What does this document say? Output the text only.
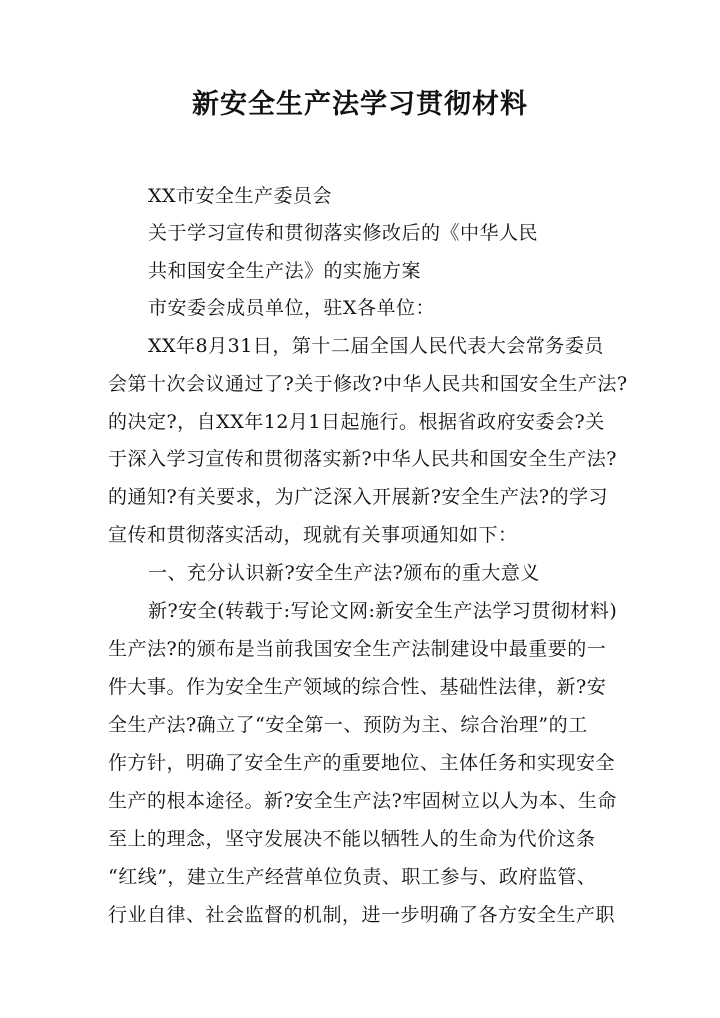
新安全生产法学习贯彻材料
XX市安全生产委员会
关于学习宣传和贯彻落实修改后的《中华人民
共和国安全生产法》的实施方案
市安委会成员单位，驻X各单位：
XX年8月31日，第十二届全国人民代表大会常务委员
会第十次会议通过了?关于修改?中华人民共和国安全生产法?
的决定?，自XX年12月1日起施行。根据省政府安委会?关
于深入学习宣传和贯彻落实新?中华人民共和国安全生产法?
的通知?有关要求，为广泛深入开展新?安全生产法?的学习
宣传和贯彻落实活动，现就有关事项通知如下：
一、充分认识新?安全生产法?颁布的重大意义
新?安全(转载于:写论文网:新安全生产法学习贯彻材料)
生产法?的颁布是当前我国安全生产法制建设中最重要的一
件大事。作为安全生产领域的综合性、基础性法律，新?安
全生产法?确立了“安全第一、预防为主、综合治理”的工
作方针，明确了安全生产的重要地位、主体任务和实现安全
生产的根本途径。新?安全生产法?牢固树立以人为本、生命
至上的理念，坚守发展决不能以牺牲人的生命为代价这条
“红线”，建立生产经营单位负责、职工参与、政府监管、
行业自律、社会监督的机制，进一步明确了各方安全生产职
